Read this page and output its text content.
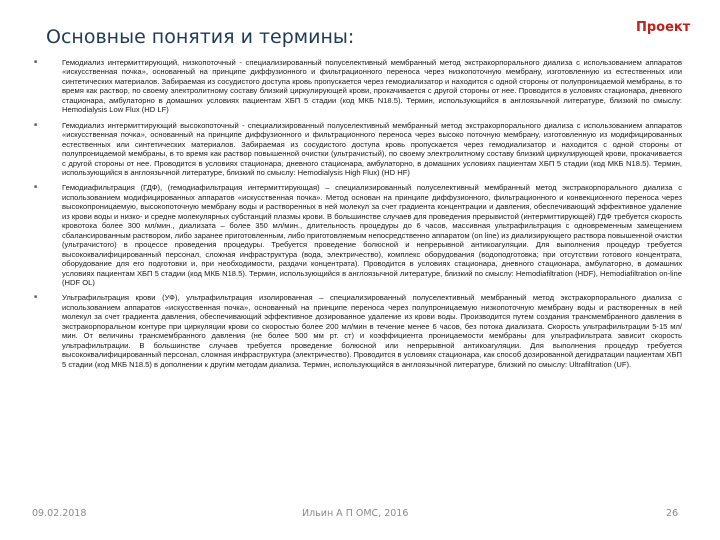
Основные понятия и термины:	Проект
■ Гемодиализ интермиттирующий, низкопоточный - специализированный полуселективный мембранный метод экстракорпорального диализа с использованием аппаратов «искусственная почка», основанный на принципе диффузионного и фильтрационного переноса через низкопоточную мембрану, изготовленную из естественных или синтетических материалов. Забираемая из сосудистого доступа кровь пропускается через гемодиализатор и находится с одной стороны от полупроницаемой мембраны, в то время как раствор, по своему электролитному составу близкий циркулирующей крови, прокачивается с другой стороны от нее. Проводится в условиях стационара, дневного стационара, амбулаторно в домашних условиях пациентам ХБП 5 стадии (код МКБ N18.5). Термин, использующийся в англоязычной литературе, близкий по смыслу: Hemodialysis Low Flux (HD LF)
■ Гемодиализ интермиттирующий высокопоточный - специализированный полуселективный мембранный метод экстракорпорального диализа с использованием аппаратов «искусственная почка», основанный на принципе диффузионного и фильтрационного переноса через высоко поточную мембрану, изготовленную из модифицированных естественных или синтетических материалов. Забираемая из сосудистого доступа кровь пропускается через гемодиализатор и находится с одной стороны от полупроницаемой мембраны, в то время как раствор повышенной очистки (ультрачистый), по своему электролитному составу близкий циркулирующей крови, прокачивается с другой стороны от нее. Проводится в условиях стационара, дневного стационара, амбулаторно, в домашних условиях пациентам ХБП 5 стадии (код МКБ N18.5). Термин, использующийся в англоязычной литературе, близкий по смыслу: Hemodialysis High Flux) (HD HF)
■ Гемодиафильтрация (ГДФ), (гемодиафильтрация интермиттирующая) – специализированный полуселективный мембранный метод экстракорпорального диализа с использованием модифицированных аппаратов «искусственная почка». Метод основан на принципе диффузионного, фильтрационного и конвекционного переноса через высокопроницаемую, высокопоточную мембрану воды и растворенных в ней молекул за счет градиента концентрации и давления, обеспечивающий эффективное удаление из крови воды и низко- и средне молекулярных субстанций плазмы крови. В большинстве случаев для проведения прерывистой (интермиттирующей) ГДФ требуется скорость кровотока более 300 мл/мин., диализата – более 350 мл/мин., длительность процедуры до 6 часов, массивная ультрафильтрация с одновременным замещением сбалансированным раствором, либо заранее приготовленным, либо приготовляемым непосредственно аппаратом (on line) из диализирующего раствора повышенной очистки (ультрачистого) в процессе проведения процедуры. Требуется проведение болюсной и непрерывной антикоагуляции. Для выполнения процедур требуется высококвалифицированный персонал, сложная инфраструктура (вода, электричество), комплекс оборудования (водоподготовка; при отсутствии готового концентрата, оборудование для его подготовки и, при необходимости, раздачи концентрата). Проводится в условиях стационара, дневного стационара, амбулаторно, в домашних условиях пациентам ХБП 5 стадии (код МКБ N18.5). Термин, использующийся в англоязычной литературе, близкий по смыслу: Hemodiafiltration (HDF), Hemodiafiltration on-line (HDF OL)
■ Ультрафильтрация крови (УФ), ультрафильтрация изолированная – специализированный полуселективный мембранный метод экстракорпорального диализа с использованием аппаратов «искусственная почка», основанный на принципе переноса через полупроницаемую низкопоточную мембрану воды и растворенных в ней молекул за счет градиента давления, обеспечивающий эффективное дозированное удаление из крови воды. Производится путем создания трансмембранного давления в экстракорпоральном контуре при циркуляции крови со скоростью более 200 мл/мин в течение менее 6 часов, без потока диализата. Скорость ультрафильтрации 5-15 мл/мин. От величины трансмембранного давления (не более 500 мм рт. ст) и коэффициента проницаемости мембраны для ультрафильтрата зависит скорость ультрафильтрации. В большинстве случаев требуется проведение болюсной или непрерывной антикоагуляции. Для выполнения процедур требуется высококвалифицированный персонал, сложная инфраструктура (электричество). Проводится в условиях стационара, как способ дозированной дегидратации пациентам ХБП 5 стадии (код МКБ N18.5) в дополнении к другим методам диализа. Термин, использующийся в англоязычной литературе, близкий по смыслу: Ultrafiltration (UF).
09.02.2018	Ильин А П ОМС, 2016	26
